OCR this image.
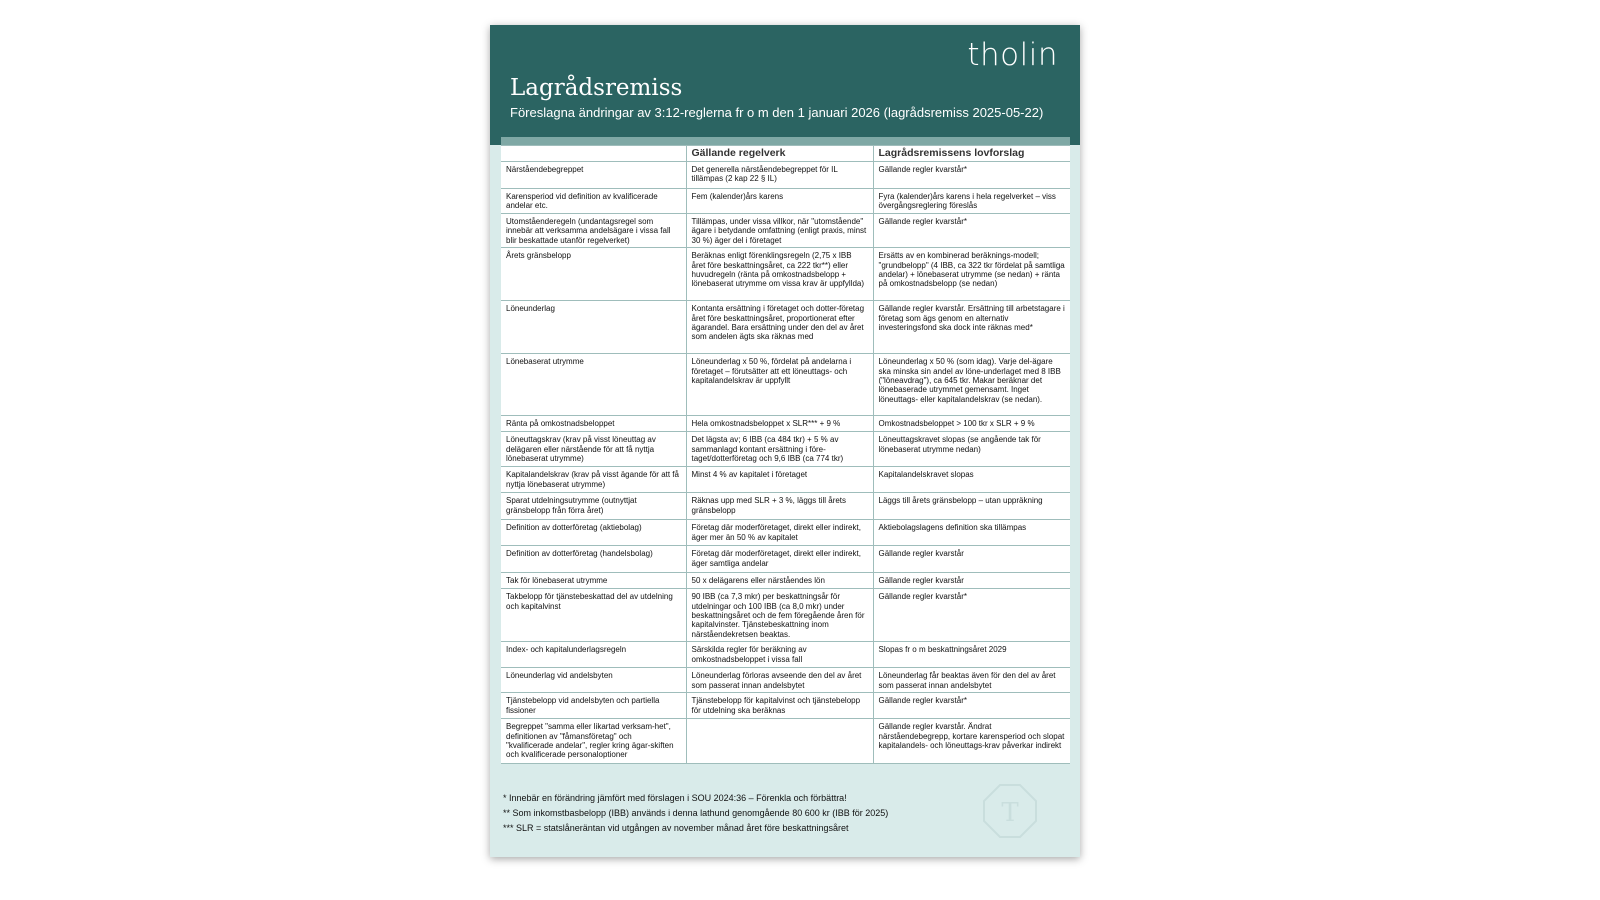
tholin
Lagrådsremiss
Föreslagna ändringar av 3:12-reglerna fr o m den 1 januari 2026 (lagrådsremiss 2025-05-22)
	Gällande regelverk	Lagrådsremissens lovforslag
Närståendebegreppet	Det generella närståendebegreppet för IL tillämpas (2 kap 22 § IL)	Gällande regler kvarstår*
Karensperiod vid definition av kvalificerade andelar etc.	Fem (kalender)års karens	Fyra (kalender)års karens i hela regelverket – viss övergångsreglering föreslås
Utomståenderegeln (undantagsregel som innebär att verksamma andelsägare i vissa fall blir beskattade utanför regelverket)	Tillämpas, under vissa villkor, när "utomstående" ägare i betydande omfattning (enligt praxis, minst 30 %) äger del i företaget	Gällande regler kvarstår*
Årets gränsbelopp	Beräknas enligt förenklingsregeln (2,75 x IBB året före beskattningsåret, ca 222 tkr**) eller huvudregeln (ränta på omkostnadsbelopp + lönebaserat utrymme om vissa krav är uppfyllda)	Ersätts av en kombinerad beräknings-modell; "grundbelopp" (4 IBB, ca 322 tkr fördelat på samtliga andelar) + lönebaserat utrymme (se nedan) + ränta på omkostnadsbelopp (se nedan)
Löneunderlag	Kontanta ersättning i företaget och dotter-företag året före beskattningsåret, proportionerat efter ägarandel. Bara ersättning under den del av året som andelen ägts ska räknas med	Gällande regler kvarstår. Ersättning till arbetstagare i företag som ägs genom en alternativ investeringsfond ska dock inte räknas med*
Lönebaserat utrymme	Löneunderlag x 50 %, fördelat på andelarna i företaget – förutsätter att ett löneuttags- och kapitalandelskrav är uppfyllt	Löneunderlag x 50 % (som idag). Varje del-ägare ska minska sin andel av löne-underlaget med 8 IBB ("löneavdrag"), ca 645 tkr. Makar beräknar det lönebaserade utrymmet gemensamt. Inget löneuttags- eller kapitalandelskrav (se nedan).
Ränta på omkostnadsbeloppet	Hela omkostnadsbeloppet x SLR*** + 9 %	Omkostnadsbeloppet > 100 tkr x SLR + 9 %
Löneuttagskrav (krav på visst löneuttag av delägaren eller närstående för att få nyttja lönebaserat utrymme)	Det lägsta av; 6 IBB (ca 484 tkr) + 5 % av sammanlagd kontant ersättning i före-taget/dotterföretag och 9,6 IBB (ca 774 tkr)	Löneuttagskravet slopas (se angående tak för lönebaserat utrymme nedan)
Kapitalandelskrav (krav på visst ägande för att få nyttja lönebaserat utrymme)	Minst 4 % av kapitalet i företaget	Kapitalandelskravet slopas
Sparat utdelningsutrymme (outnyttjat gränsbelopp från förra året)	Räknas upp med SLR + 3 %, läggs till årets gränsbelopp	Läggs till årets gränsbelopp – utan uppräkning
Definition av dotterföretag (aktiebolag)	Företag där moderföretaget, direkt eller indirekt, äger mer än 50 % av kapitalet	Aktiebolagslagens definition ska tillämpas
Definition av dotterföretag (handelsbolag)	Företag där moderföretaget, direkt eller indirekt, äger samtliga andelar	Gällande regler kvarstår
Tak för lönebaserat utrymme	50 x delägarens eller närståendes lön	Gällande regler kvarstår
Takbelopp för tjänstebeskattad del av utdelning och kapitalvinst	90 IBB (ca 7,3 mkr) per beskattningsår för utdelningar och 100 IBB (ca 8,0 mkr) under beskattningsåret och de fem föregående åren för kapitalvinster. Tjänstebeskattning inom närståendekretsen beaktas.	Gällande regler kvarstår*
Index- och kapitalunderlagsregeln	Särskilda regler för beräkning av omkostnadsbeloppet i vissa fall	Slopas fr o m beskattningsåret 2029
Löneunderlag vid andelsbyten	Löneunderlag förloras avseende den del av året som passerat innan andelsbytet	Löneunderlag får beaktas även för den del av året som passerat innan andelsbytet
Tjänstebelopp vid andelsbyten och partiella fissioner	Tjänstebelopp för kapitalvinst och tjänstebelopp för utdelning ska beräknas	Gällande regler kvarstår*
Begreppet "samma eller likartad verksam-het", definitionen av "fåmansföretag" och "kvalificerade andelar", regler kring ägar-skiften och kvalificerade personaloptioner		Gällande regler kvarstår. Ändrat närståendebegrepp, kortare karensperiod och slopat kapitalandels- och löneuttags-krav påverkar indirekt
* Innebär en förändring jämfört med förslagen i SOU 2024:36 – Förenkla och förbättra!
** Som inkomstbasbelopp (IBB) används i denna lathund genomgående 80 600 kr (IBB för 2025)
*** SLR = statslåneräntan vid utgången av november månad året före beskattningsåret	T
